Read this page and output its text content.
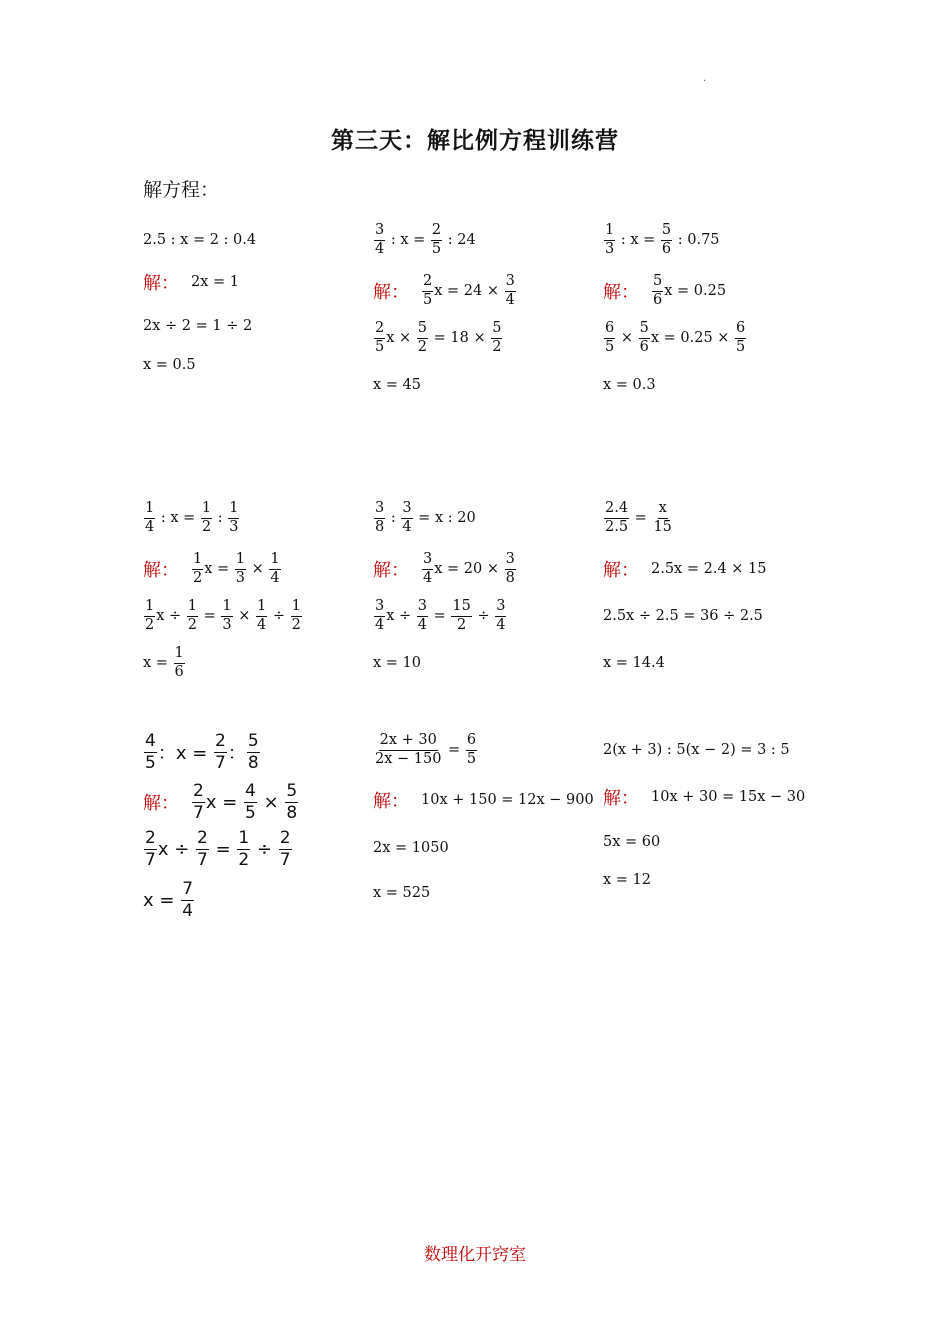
.
第三天：解比例方程训练营
解方程：
2.5 : x = 2 : 0.4
解： 2x = 1
2x ÷ 2 = 1 ÷ 2
x = 0.5
$\frac{3}{4}$ : $x = \frac{2}{5}$ : 24
解： $\frac{2}{5}$ $x = 24 \times \frac{3}{4}$
$\frac{2}{5}$ $x \times \frac{5}{2} = 18 \times \frac{5}{2}$
x = 45
$\frac{1}{3}$ : $x = \frac{5}{6}$ : 0.75
解： $\frac{5}{6}$ x = 0.25
$\frac{6}{5} \times \frac{5}{6}$ $x = 0.25 \times \frac{6}{5}$
x = 0.3
$\frac{1}{4}$ : $x = \frac{1}{2}$ : $\frac{1}{3}$
解： $\frac{1}{2}$ $x = \frac{1}{3} \times \frac{1}{4}$
$\frac{1}{2}$ $x \div \frac{1}{2} = \frac{1}{3} \times \frac{1}{4} \div \frac{1}{2}$
$x = \frac{1}{6}$
$\frac{3}{8}$ : $\frac{3}{4} = x$ : 20
解： $\frac{3}{4}$ $x = 20 \times \frac{3}{8}$
$\frac{3}{4}$ $x \div \frac{3}{4} = \frac{15}{2} \div \frac{3}{4}$
x = 10
$\frac{2.4}{2.5} = \frac{x}{15}$
解： 2.5x = 2.4 × 15
2.5x ÷ 2.5 = 36 ÷ 2.5
x = 14.4
$\frac{4}{5}$ ：$x = \frac{2}{7}$ ： $\frac{5}{8}$
解： $\frac{2}{7}$ $x = \frac{4}{5} \times \frac{5}{8}$
$\frac{2}{7}$ $x \div \frac{2}{7} = \frac{1}{2} \div \frac{2}{7}$
$x = \frac{7}{4}$
$\frac{2x + 30}{2x - 150} = \frac{6}{5}$
解： 10x + 150 = 12x − 900
2x = 1050
x = 525
2(x + 3) : 5(x − 2) = 3 : 5
解： 10x + 30 = 15x − 30
5x = 60
x = 12
数理化开窍室
